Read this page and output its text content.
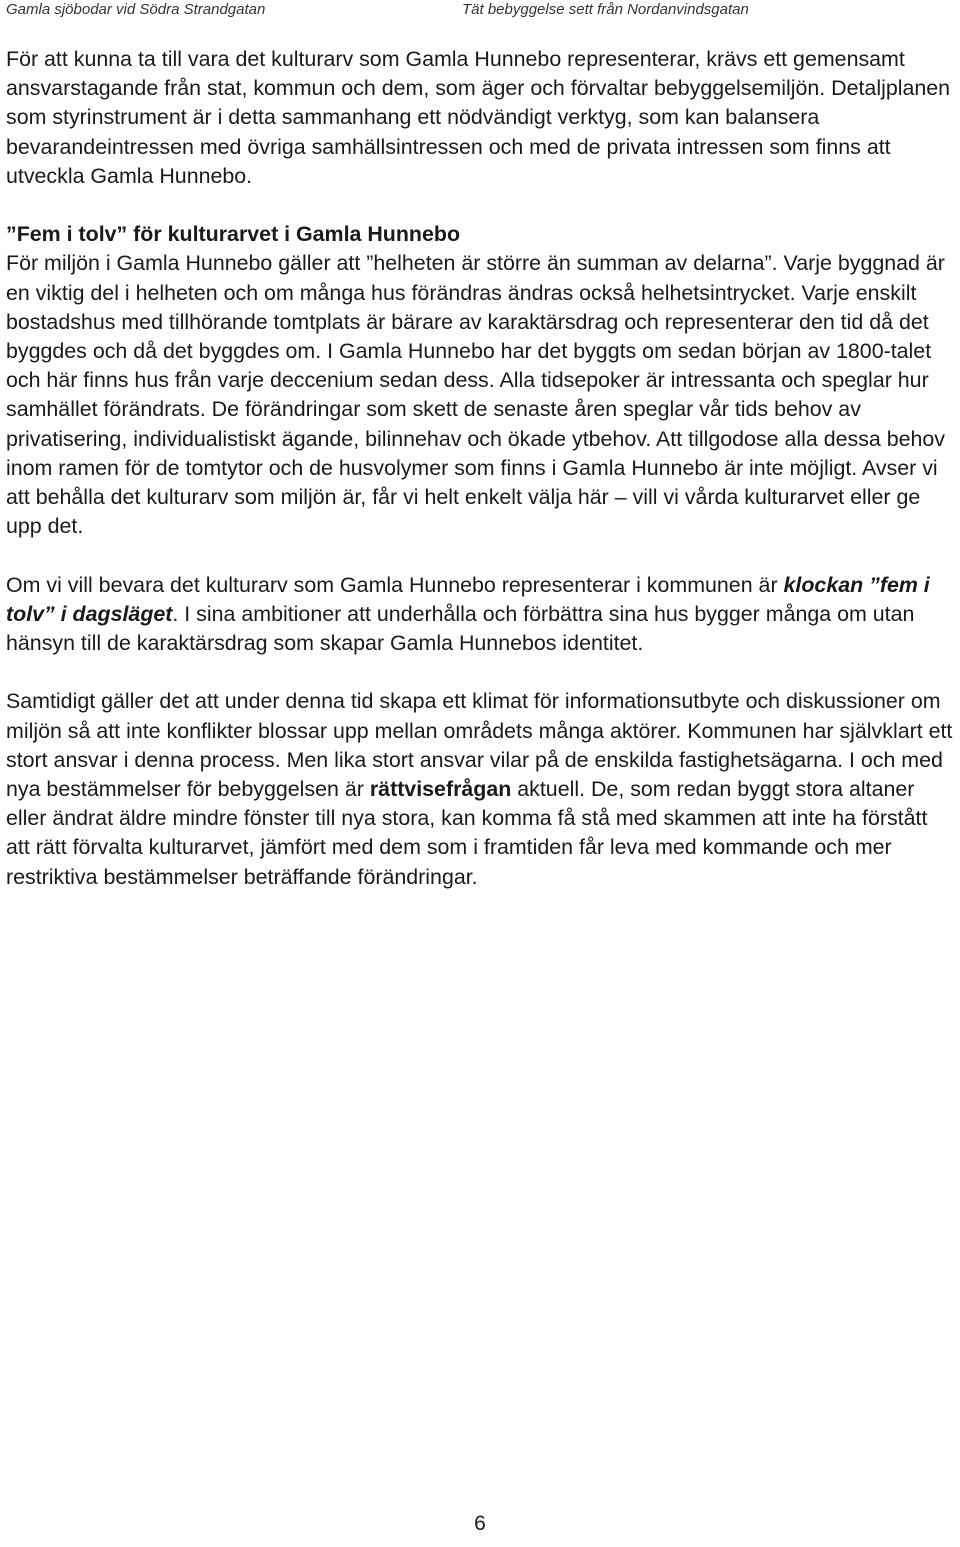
Gamla sjöbodar vid Södra Strandgatan	Tät bebyggelse sett från Nordanvindsgatan

För att kunna ta till vara det kulturarv som Gamla Hunnebo representerar, krävs ett gemensamt ansvarstagande från stat, kommun och dem, som äger och förvaltar bebyggelsemiljön. Detaljplanen som styrinstrument är i detta sammanhang ett nödvändigt verktyg, som kan balansera bevarandeintressen med övriga samhällsintressen och med de privata intressen som finns att utveckla Gamla Hunnebo.

”Fem i tolv” för kulturarvet i Gamla Hunnebo

För miljön i Gamla Hunnebo gäller att ”helheten är större än summan av delarna”. Varje byggnad är en viktig del i helheten och om många hus förändras ändras också helhetsintrycket. Varje enskilt bostadshus med tillhörande tomtplats är bärare av karaktärsdrag och representerar den tid då det byggdes och då det byggdes om. I Gamla Hunnebo har det byggts om sedan början av 1800-talet och här finns hus från varje deccenium sedan dess. Alla tidsepoker är intressanta och speglar hur samhället förändrats. De förändringar som skett de senaste åren speglar vår tids behov av privatisering, individualistiskt ägande, bilinnehav och ökade ytbehov. Att tillgodose alla dessa behov inom ramen för de tomtytor och de husvolymer som finns i Gamla Hunnebo är inte möjligt. Avser vi att behålla det kulturarv som miljön är, får vi helt enkelt välja här – vill vi vårda kulturarvet eller ge upp det.

Om vi vill bevara det kulturarv som Gamla Hunnebo representerar i kommunen är klockan ”fem i tolv” i dagsläget. I sina ambitioner att underhålla och förbättra sina hus bygger många om utan hänsyn till de karaktärsdrag som skapar Gamla Hunnebos identitet.

Samtidigt gäller det att under denna tid skapa ett klimat för informationsutbyte och diskussioner om miljön så att inte konflikter blossar upp mellan områdets många aktörer. Kommunen har självklart ett stort ansvar i denna process. Men lika stort ansvar vilar på de enskilda fastighetsägarna. I och med nya bestämmelser för bebyggelsen är rättvisefrågan aktuell. De, som redan byggt stora altaner eller ändrat äldre mindre fönster till nya stora, kan komma få stå med skammen att inte ha förstått att rätt förvalta kulturarvet, jämfört med dem som i framtiden får leva med kommande och mer restriktiva bestämmelser beträffande förändringar.

6
